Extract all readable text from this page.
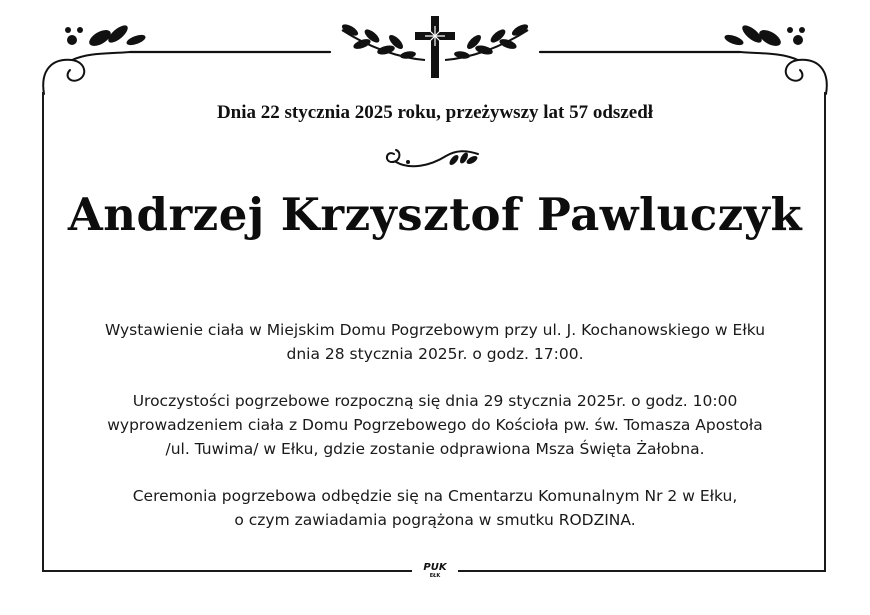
Dnia 22 stycznia 2025 roku, przeżywszy lat 57 odszedł
Andrzej Krzysztof Pawluczyk

Wystawienie ciała w Miejskim Domu Pogrzebowym przy ul. J. Kochanowskiego w Ełku
dnia 28 stycznia 2025r. o godz. 17:00.

Uroczystości pogrzebowe rozpoczną się dnia 29 stycznia 2025r. o godz. 10:00
wyprowadzeniem ciała z Domu Pogrzebowego do Kościoła pw. św. Tomasza Apostoła
/ul. Tuwima/ w Ełku, gdzie zostanie odprawiona Msza Święta Żałobna.

Ceremonia pogrzebowa odbędzie się na Cmentarzu Komunalnym Nr 2 w Ełku,
o czym zawiadamia pogrążona w smutku RODZINA.

PUK
EŁK
